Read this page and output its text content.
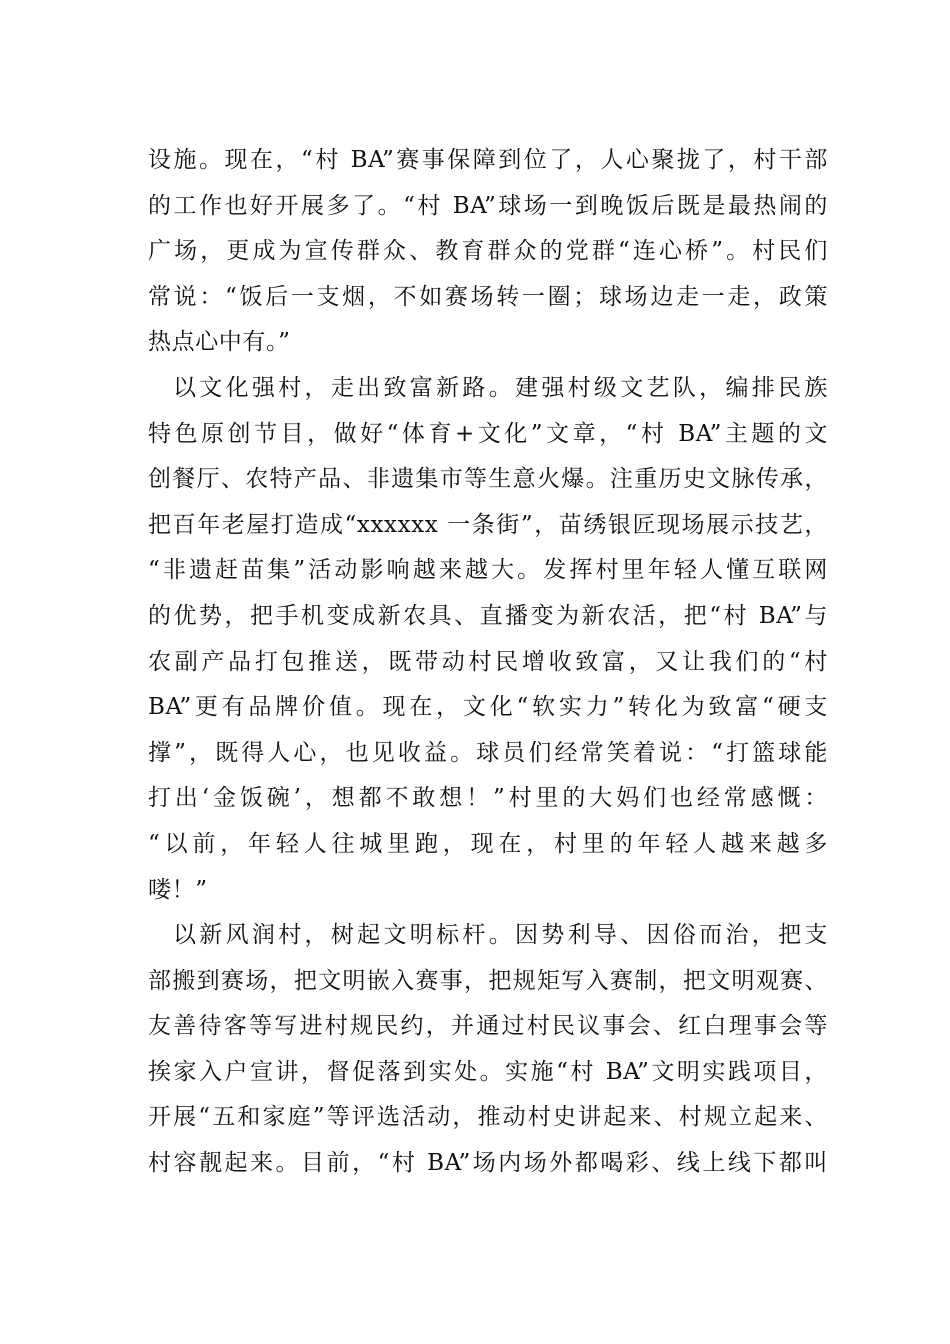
设施。现在，“村 BA”赛事保障到位了，人心聚拢了，村干部
的工作也好开展多了。“村 BA”球场一到晚饭后既是最热闹的
广场，更成为宣传群众、教育群众的党群“连心桥”。村民们
常说：“饭后一支烟，不如赛场转一圈；球场边走一走，政策
热点心中有。”
以文化强村，走出致富新路。建强村级文艺队，编排民族
特色原创节目，做好“体育+文化”文章，“村 BA”主题的文
创餐厅、农特产品、非遗集市等生意火爆。注重历史文脉传承，
把百年老屋打造成“xxxxxx 一条街”，苗绣银匠现场展示技艺，
“非遗赶苗集”活动影响越来越大。发挥村里年轻人懂互联网
的优势，把手机变成新农具、直播变为新农活，把“村 BA”与
农副产品打包推送，既带动村民增收致富，又让我们的“村
BA”更有品牌价值。现在，文化“软实力”转化为致富“硬支
撑”，既得人心，也见收益。球员们经常笑着说：“打篮球能
打出‘金饭碗’，想都不敢想！”村里的大妈们也经常感慨：
“以前，年轻人往城里跑，现在，村里的年轻人越来越多
喽！”
以新风润村，树起文明标杆。因势利导、因俗而治，把支
部搬到赛场，把文明嵌入赛事，把规矩写入赛制，把文明观赛、
友善待客等写进村规民约，并通过村民议事会、红白理事会等
挨家入户宣讲，督促落到实处。实施“村 BA”文明实践项目，
开展“五和家庭”等评选活动，推动村史讲起来、村规立起来、
村容靓起来。目前，“村 BA”场内场外都喝彩、线上线下都叫
